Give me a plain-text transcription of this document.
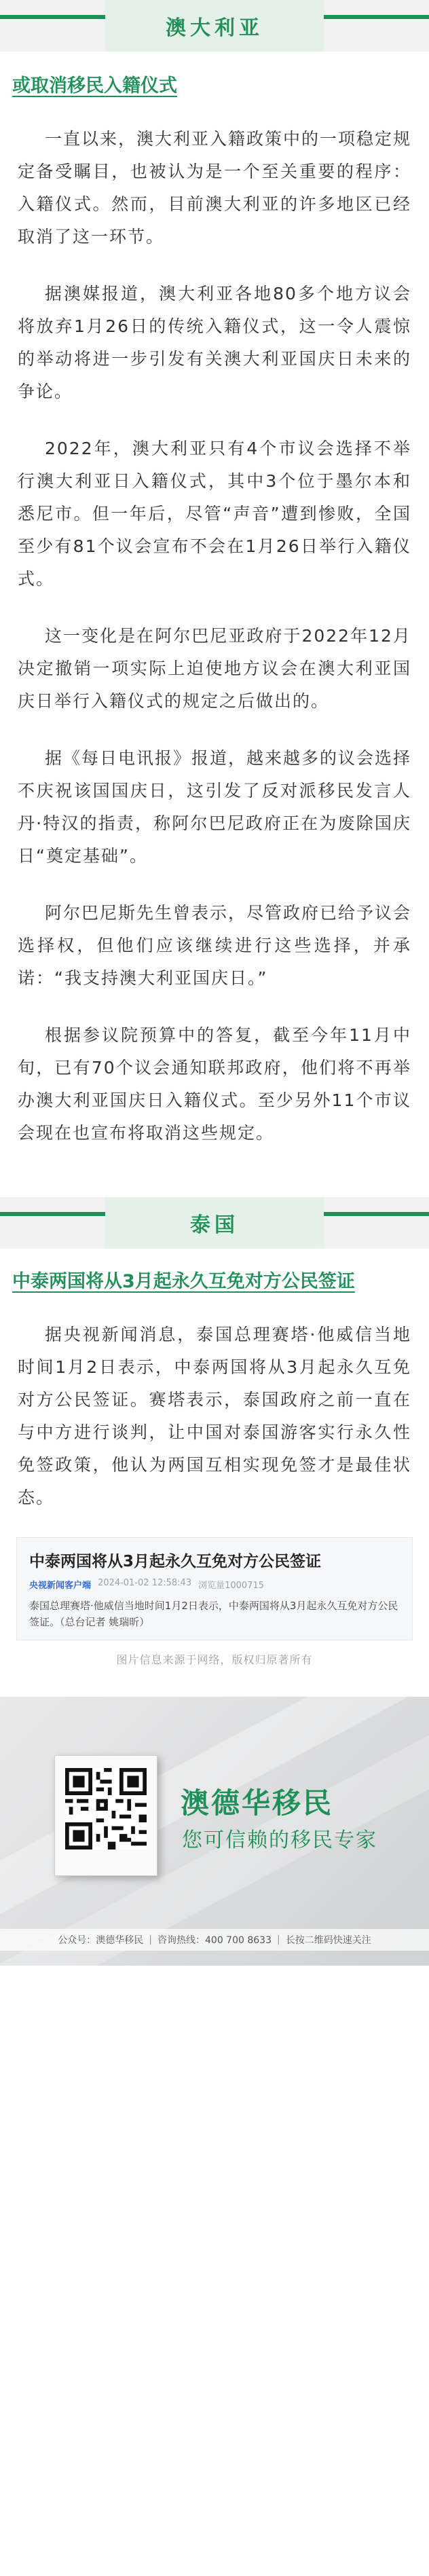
澳大利亚
或取消移民入籍仪式

一直以来，澳大利亚入籍政策中的一项稳定规定备受瞩目，也被认为是一个至关重要的程序：入籍仪式。然而，目前澳大利亚的许多地区已经取消了这一环节。

据澳媒报道，澳大利亚各地80多个地方议会将放弃1月26日的传统入籍仪式，这一令人震惊的举动将进一步引发有关澳大利亚国庆日未来的争论。

2022年，澳大利亚只有4个市议会选择不举行澳大利亚日入籍仪式，其中3个位于墨尔本和悉尼市。但一年后，尽管“声音”遭到惨败，全国至少有81个议会宣布不会在1月26日举行入籍仪式。

这一变化是在阿尔巴尼亚政府于2022年12月决定撤销一项实际上迫使地方议会在澳大利亚国庆日举行入籍仪式的规定之后做出的。

据《每日电讯报》报道，越来越多的议会选择不庆祝该国国庆日，这引发了反对派移民发言人丹·特汉的指责，称阿尔巴尼政府正在为废除国庆日“奠定基础”。

阿尔巴尼斯先生曾表示，尽管政府已给予议会选择权，但他们应该继续进行这些选择，并承诺：“我支持澳大利亚国庆日。”

根据参议院预算中的答复，截至今年11月中旬，已有70个议会通知联邦政府，他们将不再举办澳大利亚国庆日入籍仪式。至少另外11个市议会现在也宣布将取消这些规定。

泰国
中泰两国将从3月起永久互免对方公民签证

据央视新闻消息，泰国总理赛塔·他威信当地时间1月2日表示，中泰两国将从3月起永久互免对方公民签证。赛塔表示，泰国政府之前一直在与中方进行谈判，让中国对泰国游客实行永久性免签政策，他认为两国互相实现免签才是最佳状态。

中泰两国将从3月起永久互免对方公民签证
央视新闻客户端 2024-01-02 12:58:43 浏览量1000715
泰国总理赛塔·他威信当地时间1月2日表示，中泰两国将从3月起永久互免对方公民签证。（总台记者 姚瑞昕）
图片信息来源于网络，版权归原著所有
澳德华移民
您可信赖的移民专家
公众号：澳德华移民 | 咨询热线：400 700 8633 | 长按二维码快速关注
